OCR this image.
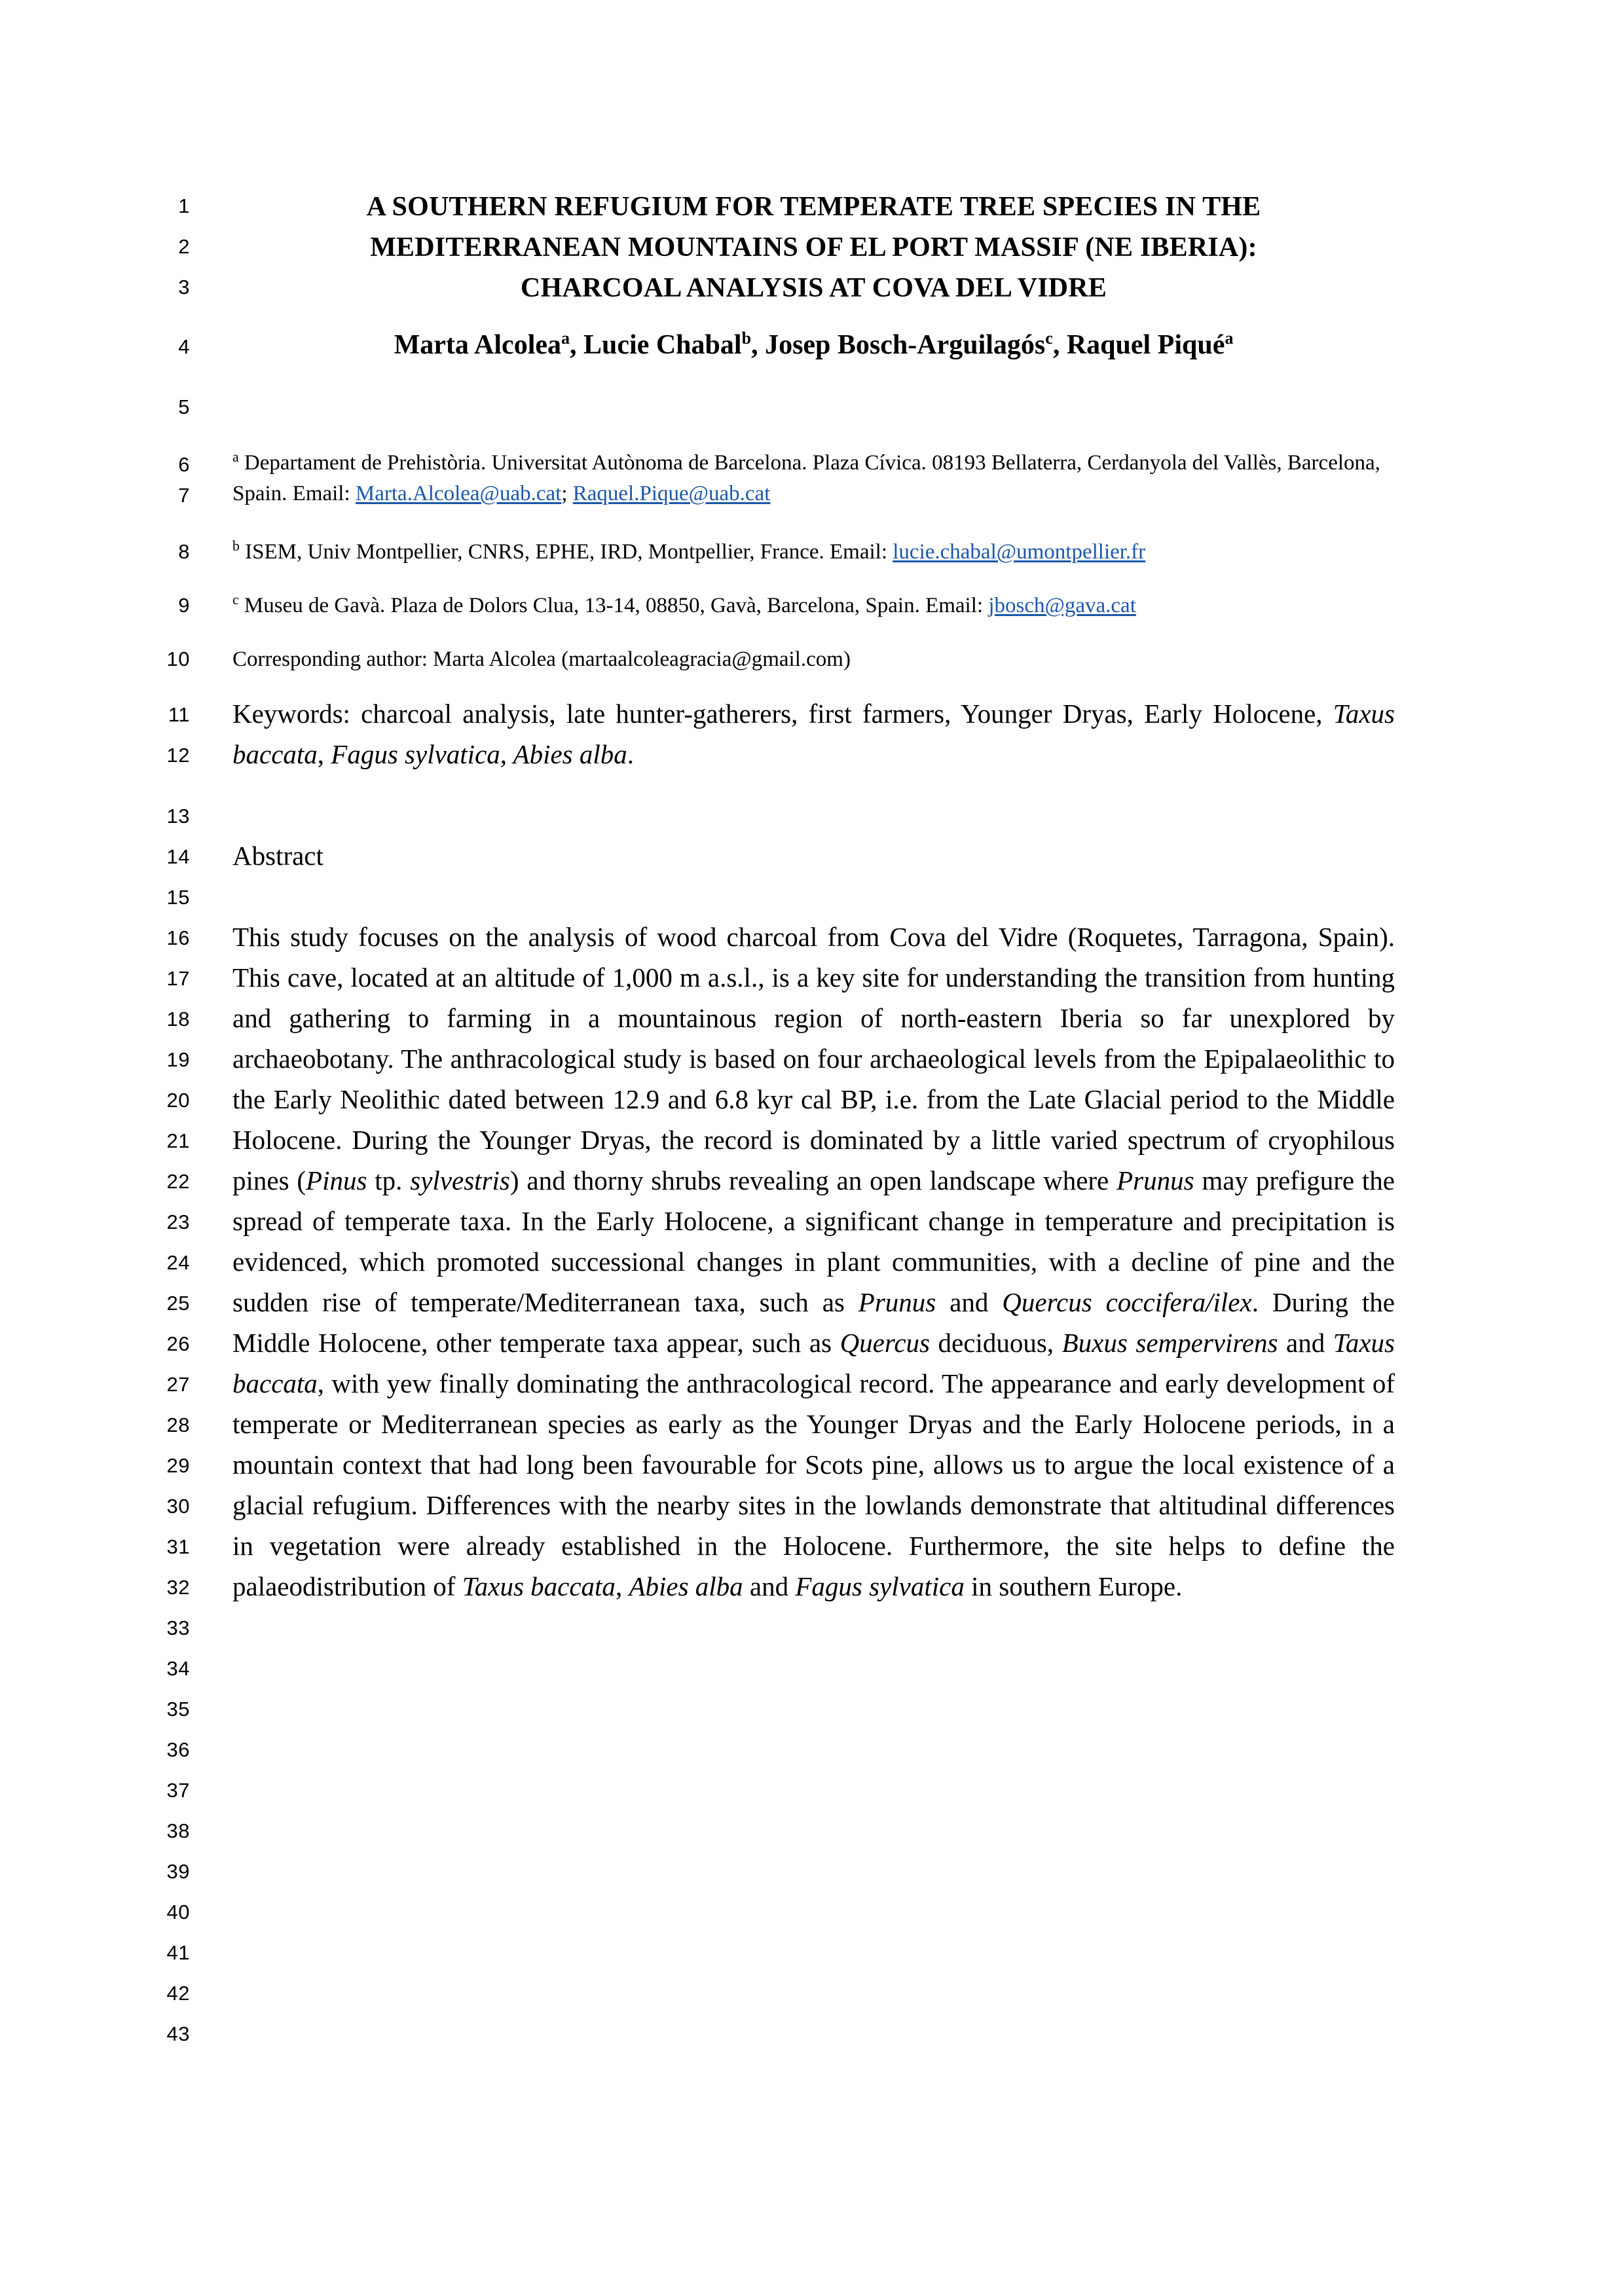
1
2
3
4
5
6
7
8
9
10
11
12
13
14
15
16
17
18
19
20
21
22
23
24
25
26
27
28
29
30
31
32
33
34
35
36
37
38
39
40
41
42
43
A SOUTHERN REFUGIUM FOR TEMPERATE TREE SPECIES IN THE
MEDITERRANEAN MOUNTAINS OF EL PORT MASSIF (NE IBERIA):
CHARCOAL ANALYSIS AT COVA DEL VIDRE
Marta Alcolea$^a$, Lucie Chabal$^b$, Josep Bosch-Arguilagós$^c$, Raquel Piqué$^a$
$^a$ Departament de Prehistòria. Universitat Autònoma de Barcelona. Plaza Cívica. 08193 Bellaterra, Cerdanyola del Vallès, Barcelona, Spain. Email: Marta.Alcolea@uab.cat; Raquel.Pique@uab.cat
$^b$ ISEM, Univ Montpellier, CNRS, EPHE, IRD, Montpellier, France. Email: lucie.chabal@umontpellier.fr
$^c$ Museu de Gavà. Plaza de Dolors Clua, 13-14, 08850, Gavà, Barcelona, Spain. Email: jbosch@gava.cat
Corresponding author: Marta Alcolea (martaalcoleagracia@gmail.com)
Keywords: charcoal analysis, late hunter-gatherers, first farmers, Younger Dryas, Early Holocene, Taxus baccata, Fagus sylvatica, Abies alba.
Abstract
This study focuses on the analysis of wood charcoal from Cova del Vidre (Roquetes, Tarragona, Spain). This cave, located at an altitude of 1,000 m a.s.l., is a key site for understanding the transition from hunting and gathering to farming in a mountainous region of north-eastern Iberia so far unexplored by archaeobotany. The anthracological study is based on four archaeological levels from the Epipalaeolithic to the Early Neolithic dated between 12.9 and 6.8 kyr cal BP, i.e. from the Late Glacial period to the Middle Holocene. During the Younger Dryas, the record is dominated by a little varied spectrum of cryophilous pines (Pinus tp. sylvestris) and thorny shrubs revealing an open landscape where Prunus may prefigure the spread of temperate taxa. In the Early Holocene, a significant change in temperature and precipitation is evidenced, which promoted successional changes in plant communities, with a decline of pine and the sudden rise of temperate/Mediterranean taxa, such as Prunus and Quercus coccifera/ilex. During the Middle Holocene, other temperate taxa appear, such as Quercus deciduous, Buxus sempervirens and Taxus baccata, with yew finally dominating the anthracological record. The appearance and early development of temperate or Mediterranean species as early as the Younger Dryas and the Early Holocene periods, in a mountain context that had long been favourable for Scots pine, allows us to argue the local existence of a glacial refugium. Differences with the nearby sites in the lowlands demonstrate that altitudinal differences in vegetation were already established in the Holocene. Furthermore, the site helps to define the palaeodistribution of Taxus baccata, Abies alba and Fagus sylvatica in southern Europe.
